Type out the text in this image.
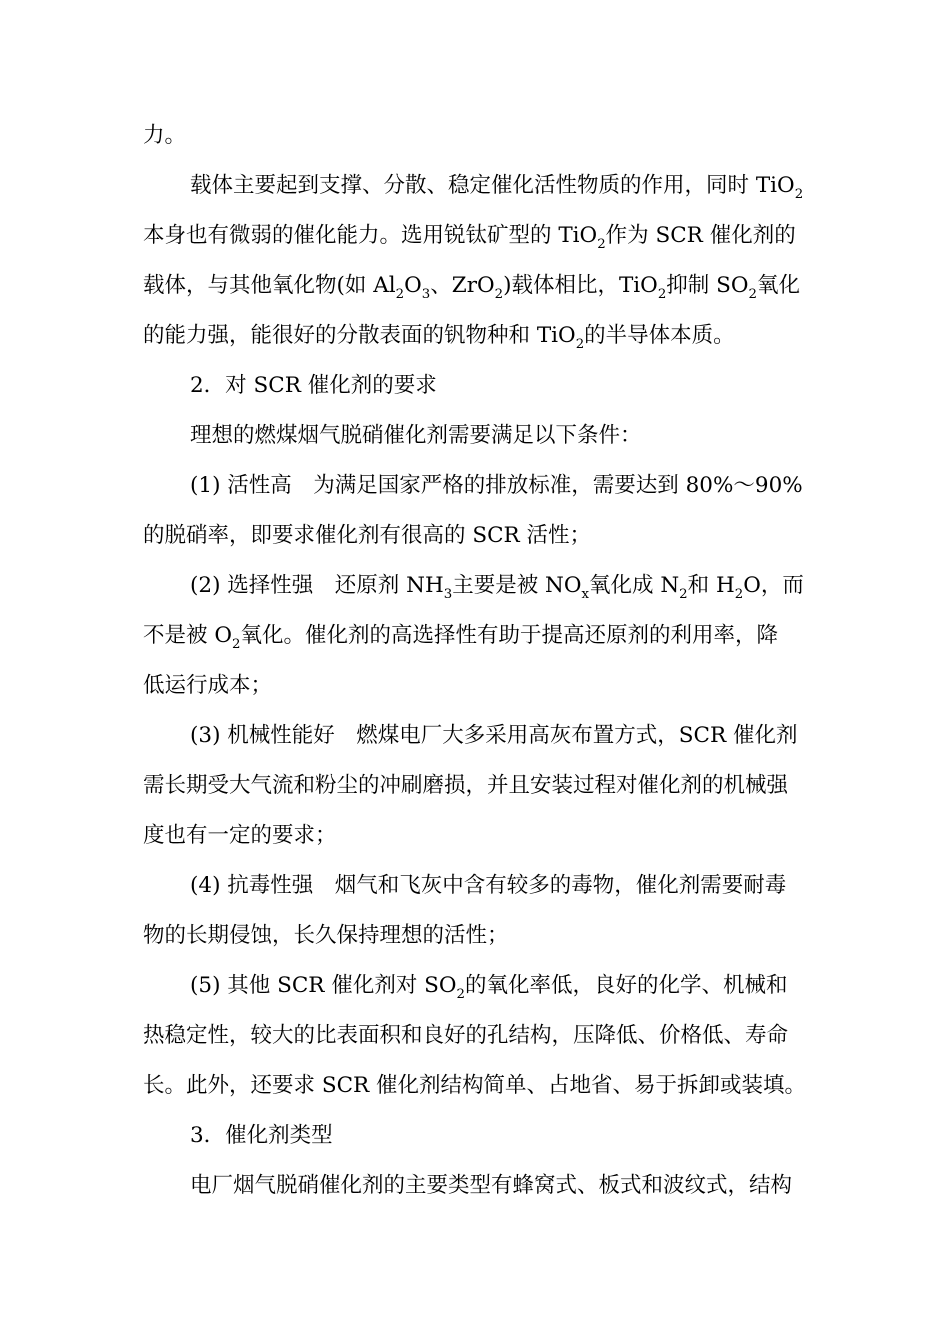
力。
载体主要起到支撑、分散、稳定催化活性物质的作用，同时 TiO$_2$
本身也有微弱的催化能力。选用锐钛矿型的 TiO$_2$作为 SCR 催化剂的
载体，与其他氧化物(如 $Al_2O_3$、ZrO$_2$)载体相比，TiO$_2$抑制 $SO_2$氧化
的能力强，能很好的分散表面的钒物种和 TiO$_2$的半导体本质。
2．对 SCR 催化剂的要求
理想的燃煤烟气脱硝催化剂需要满足以下条件：
(1) 活性高 为满足国家严格的排放标准，需要达到 80%～90%
的脱硝率，即要求催化剂有很高的 SCR 活性；
(2) 选择性强 还原剂 $NH_3$主要是被 $NO_x$氧化成 $N_2$和 $H_2O$，而
不是被 $O_2$氧化。催化剂的高选择性有助于提高还原剂的利用率，降
低运行成本；
(3) 机械性能好 燃煤电厂大多采用高灰布置方式，SCR 催化剂
需长期受大气流和粉尘的冲刷磨损，并且安装过程对催化剂的机械强
度也有一定的要求；
(4) 抗毒性强 烟气和飞灰中含有较多的毒物，催化剂需要耐毒
物的长期侵蚀，长久保持理想的活性；
(5) 其他 SCR 催化剂对 $SO_2$的氧化率低，良好的化学、机械和
热稳定性，较大的比表面积和良好的孔结构，压降低、价格低、寿命
长。此外，还要求 SCR 催化剂结构简单、占地省、易于拆卸或装填。
3．催化剂类型
电厂烟气脱硝催化剂的主要类型有蜂窝式、板式和波纹式，结构
